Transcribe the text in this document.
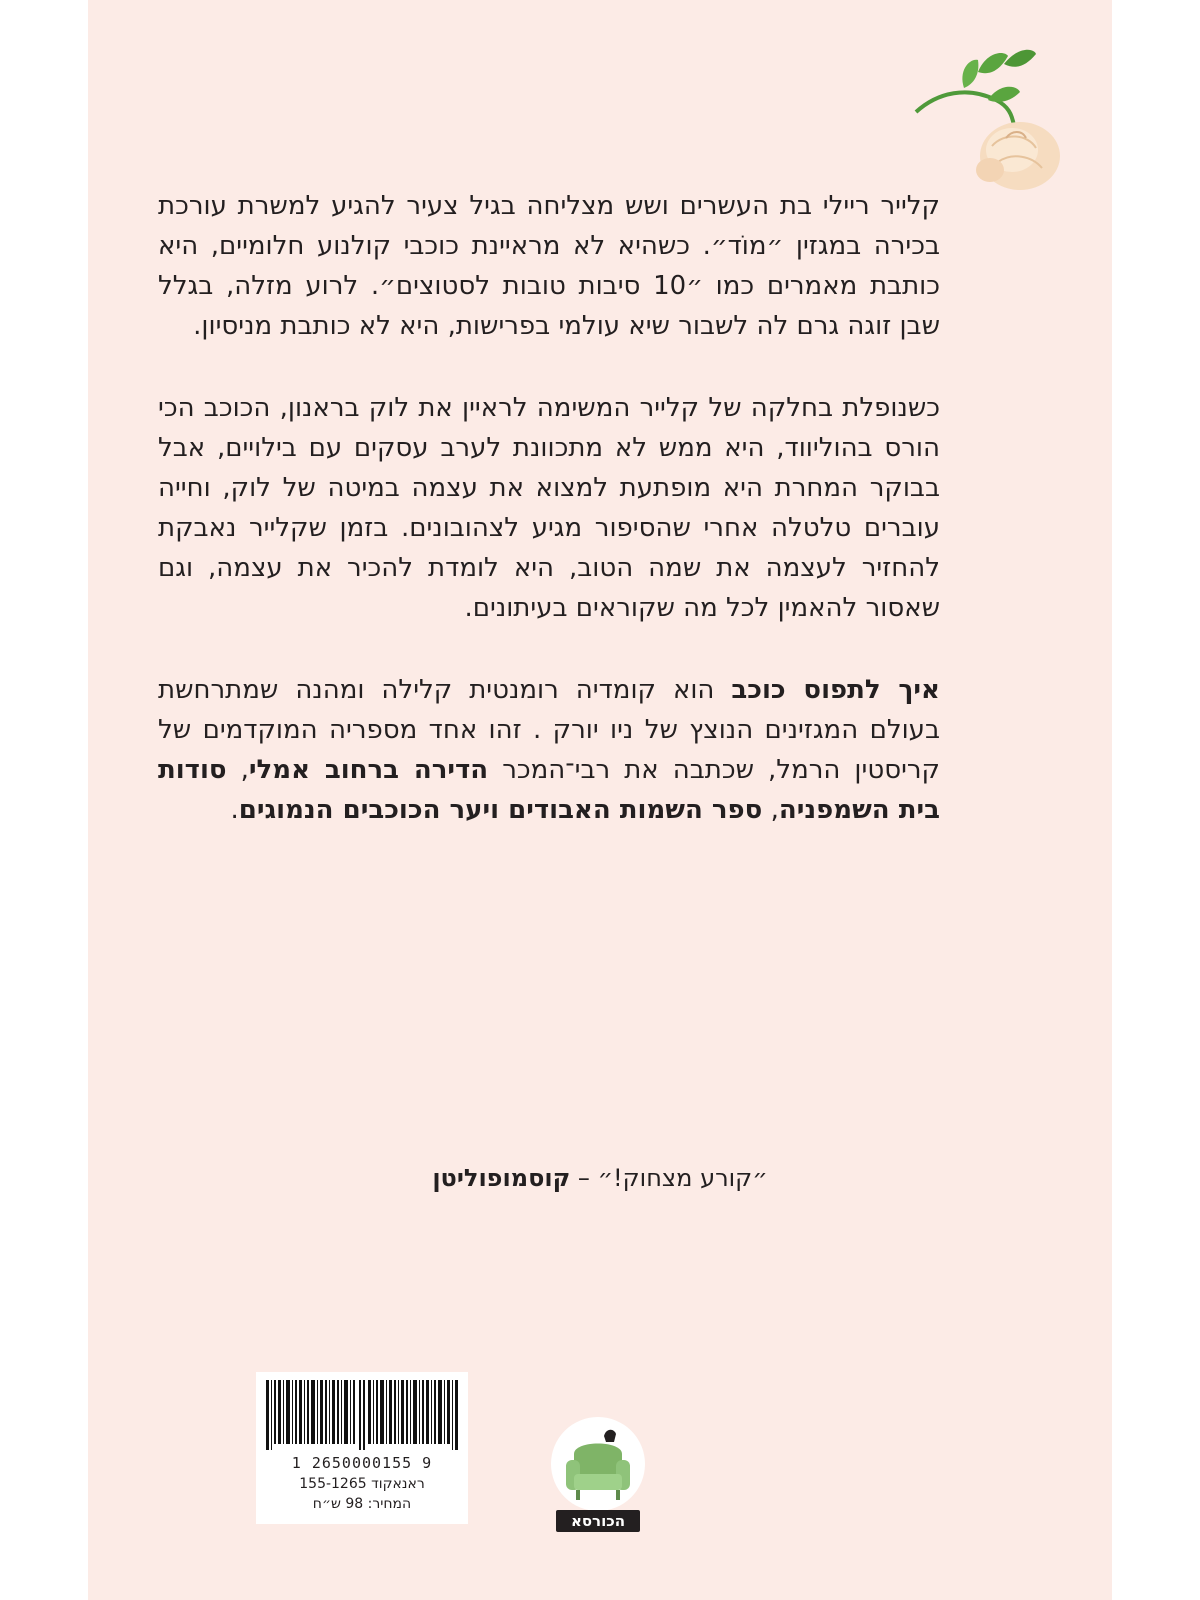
קלייר ריילי בת העשרים ושש מצליחה בגיל צעיר להגיע למשרת עורכת בכירה במגזין ״מוֹד״. כשהיא לא מראיינת כוכבי קולנוע חלומיים, היא כותבת מאמרים כמו ״10 סיבות טובות לסטוצים״. לרוע מזלה, בגלל שבן זוגה גרם לה לשבור שיא עולמי בפרישות, היא לא כותבת מניסיון.

כשנופלת בחלקה של קלייר המשימה לראיין את לוק בראנון, הכוכב הכי הורס בהוליווד, היא ממש לא מתכוונת לערב עסקים עם בילויים, אבל בבוקר המחרת היא מופתעת למצוא את עצמה במיטה של לוק, וחייה עוברים טלטלה אחרי שהסיפור מגיע לצהובונים. בזמן שקלייר נאבקת להחזיר לעצמה את שמה הטוב, היא לומדת להכיר את עצמה, וגם שאסור להאמין לכל מה שקוראים בעיתונים.

איך לתפוס כוכב הוא קומדיה רומנטית קלילה ומהנה שמתרחשת בעולם המגזינים הנוצץ של ניו יורק . זהו אחד מספריה המוקדמים של קריסטין הרמל, שכתבה את רבי־המכר הדירה ברחוב אמלי, סודות בית השמפניה, ספר השמות האבודים ויער הכוכבים הנמוגים.

״קורע מצחוק!״ – קוסמופוליטן
1 2650000155 9
ראנאקוד 155-1265
המחיר: 98 ש״ח
הכורסא
